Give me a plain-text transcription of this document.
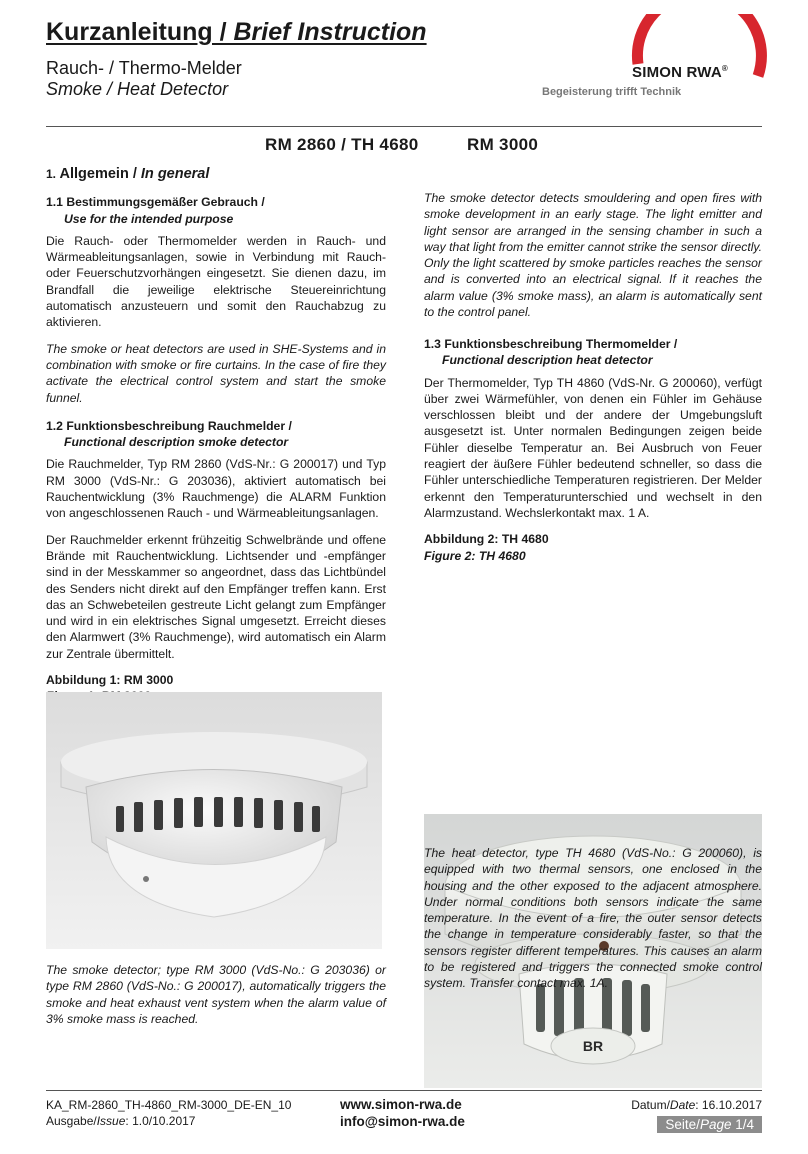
Kurzanleitung / Brief Instruction
Rauch- / Thermo-Melder
Smoke / Heat Detector
SIMON RWA®
Begeisterung trifft Technik
RM 2860 / TH 4680	RM 3000

1. Allgemein / In general

1.1 Bestimmungsgemäßer Gebrauch /
Use for the intended purpose

Die Rauch- oder Thermomelder werden in Rauch- und Wärmeableitungsanlagen, sowie in Verbindung mit Rauch- oder Feuerschutzvorhängen eingesetzt. Sie dienen dazu, im Brandfall die jeweilige elektrische Steuereinrichtung automatisch anzusteuern und somit den Rauchabzug zu aktivieren.

The smoke or heat detectors are used in SHE-Systems and in combination with smoke or fire curtains. In the case of fire they activate the electrical control system and start the smoke funnel.

1.2 Funktionsbeschreibung Rauchmelder /
Functional description smoke detector

Die Rauchmelder, Typ RM 2860 (VdS-Nr.: G 200017) und Typ RM 3000 (VdS-Nr.: G 203036), aktiviert automatisch bei Rauchentwicklung (3% Rauchmenge) die ALARM Funktion von angeschlossenen Rauch - und Wärmeableitungsanlagen.

Der Rauchmelder erkennt frühzeitig Schwelbrände und offene Brände mit Rauchentwicklung. Lichtsender und -empfänger sind in der Messkammer so angeordnet, dass das Lichtbündel des Senders nicht direkt auf den Empfänger treffen kann. Erst das an Schwebeteilen gestreute Licht gelangt zum Empfänger und wird in ein elektrisches Signal umgesetzt. Erreicht dieses den Alarmwert (3% Rauchmenge), wird automatisch ein Alarm zur Zentrale übermittelt.

Abbildung 1: RM 3000

The smoke detector; type RM 3000 (VdS-No.: G 203036) or type RM 2860 (VdS-No.: G 200017), automatically triggers the smoke and heat exhaust vent system when the alarm value of 3% smoke mass is reached.
The smoke detector detects smouldering and open fires with smoke development in an early stage. The light emitter and light sensor are arranged in the sensing chamber in such a way that light from the emitter cannot strike the sensor directly. Only the light scattered by smoke particles reaches the sensor and is converted into an electrical signal. If it reaches the alarm value (3% smoke mass), an alarm is automatically sent to the control panel.

1.3 Funktionsbeschreibung Thermomelder /
Functional description heat detector

Der Thermomelder, Typ TH 4860 (VdS-Nr. G 200060), verfügt über zwei Wärmefühler, von denen ein Fühler im Gehäuse verschlossen bleibt und der andere der Umgebungsluft ausgesetzt ist. Unter normalen Bedingungen zeigen beide Fühler dieselbe Temperatur an. Bei Ausbruch von Feuer reagiert der äußere Fühler bedeutend schneller, so dass die Fühler unterschiedliche Temperaturen registrieren. Der Melder erkennt den Temperaturunterschied und wechselt in den Alarmzustand. Wechslerkontakt max. 1 A.

Abbildung 2: TH 4680
Figure 2: TH 4680

BR
The heat detector, type TH 4680 (VdS-No.: G 200060), is equipped with two thermal sensors, one enclosed in the housing and the other exposed to the adjacent atmosphere. Under normal conditions both sensors indicate the same temperature. In the event of a fire, the outer sensor detects the change in temperature considerably faster, so that the sensors register different temperatures. This causes an alarm to be registered and triggers the connected smoke control system. Transfer contact max. 1A.
KA_RM-2860_TH-4860_RM-3000_DE-EN_10
Ausgabe/Issue: 1.0/10.2017
www.simon-rwa.de
info@simon-rwa.de
Datum/Date: 16.10.2017
Seite/Page 1/4
